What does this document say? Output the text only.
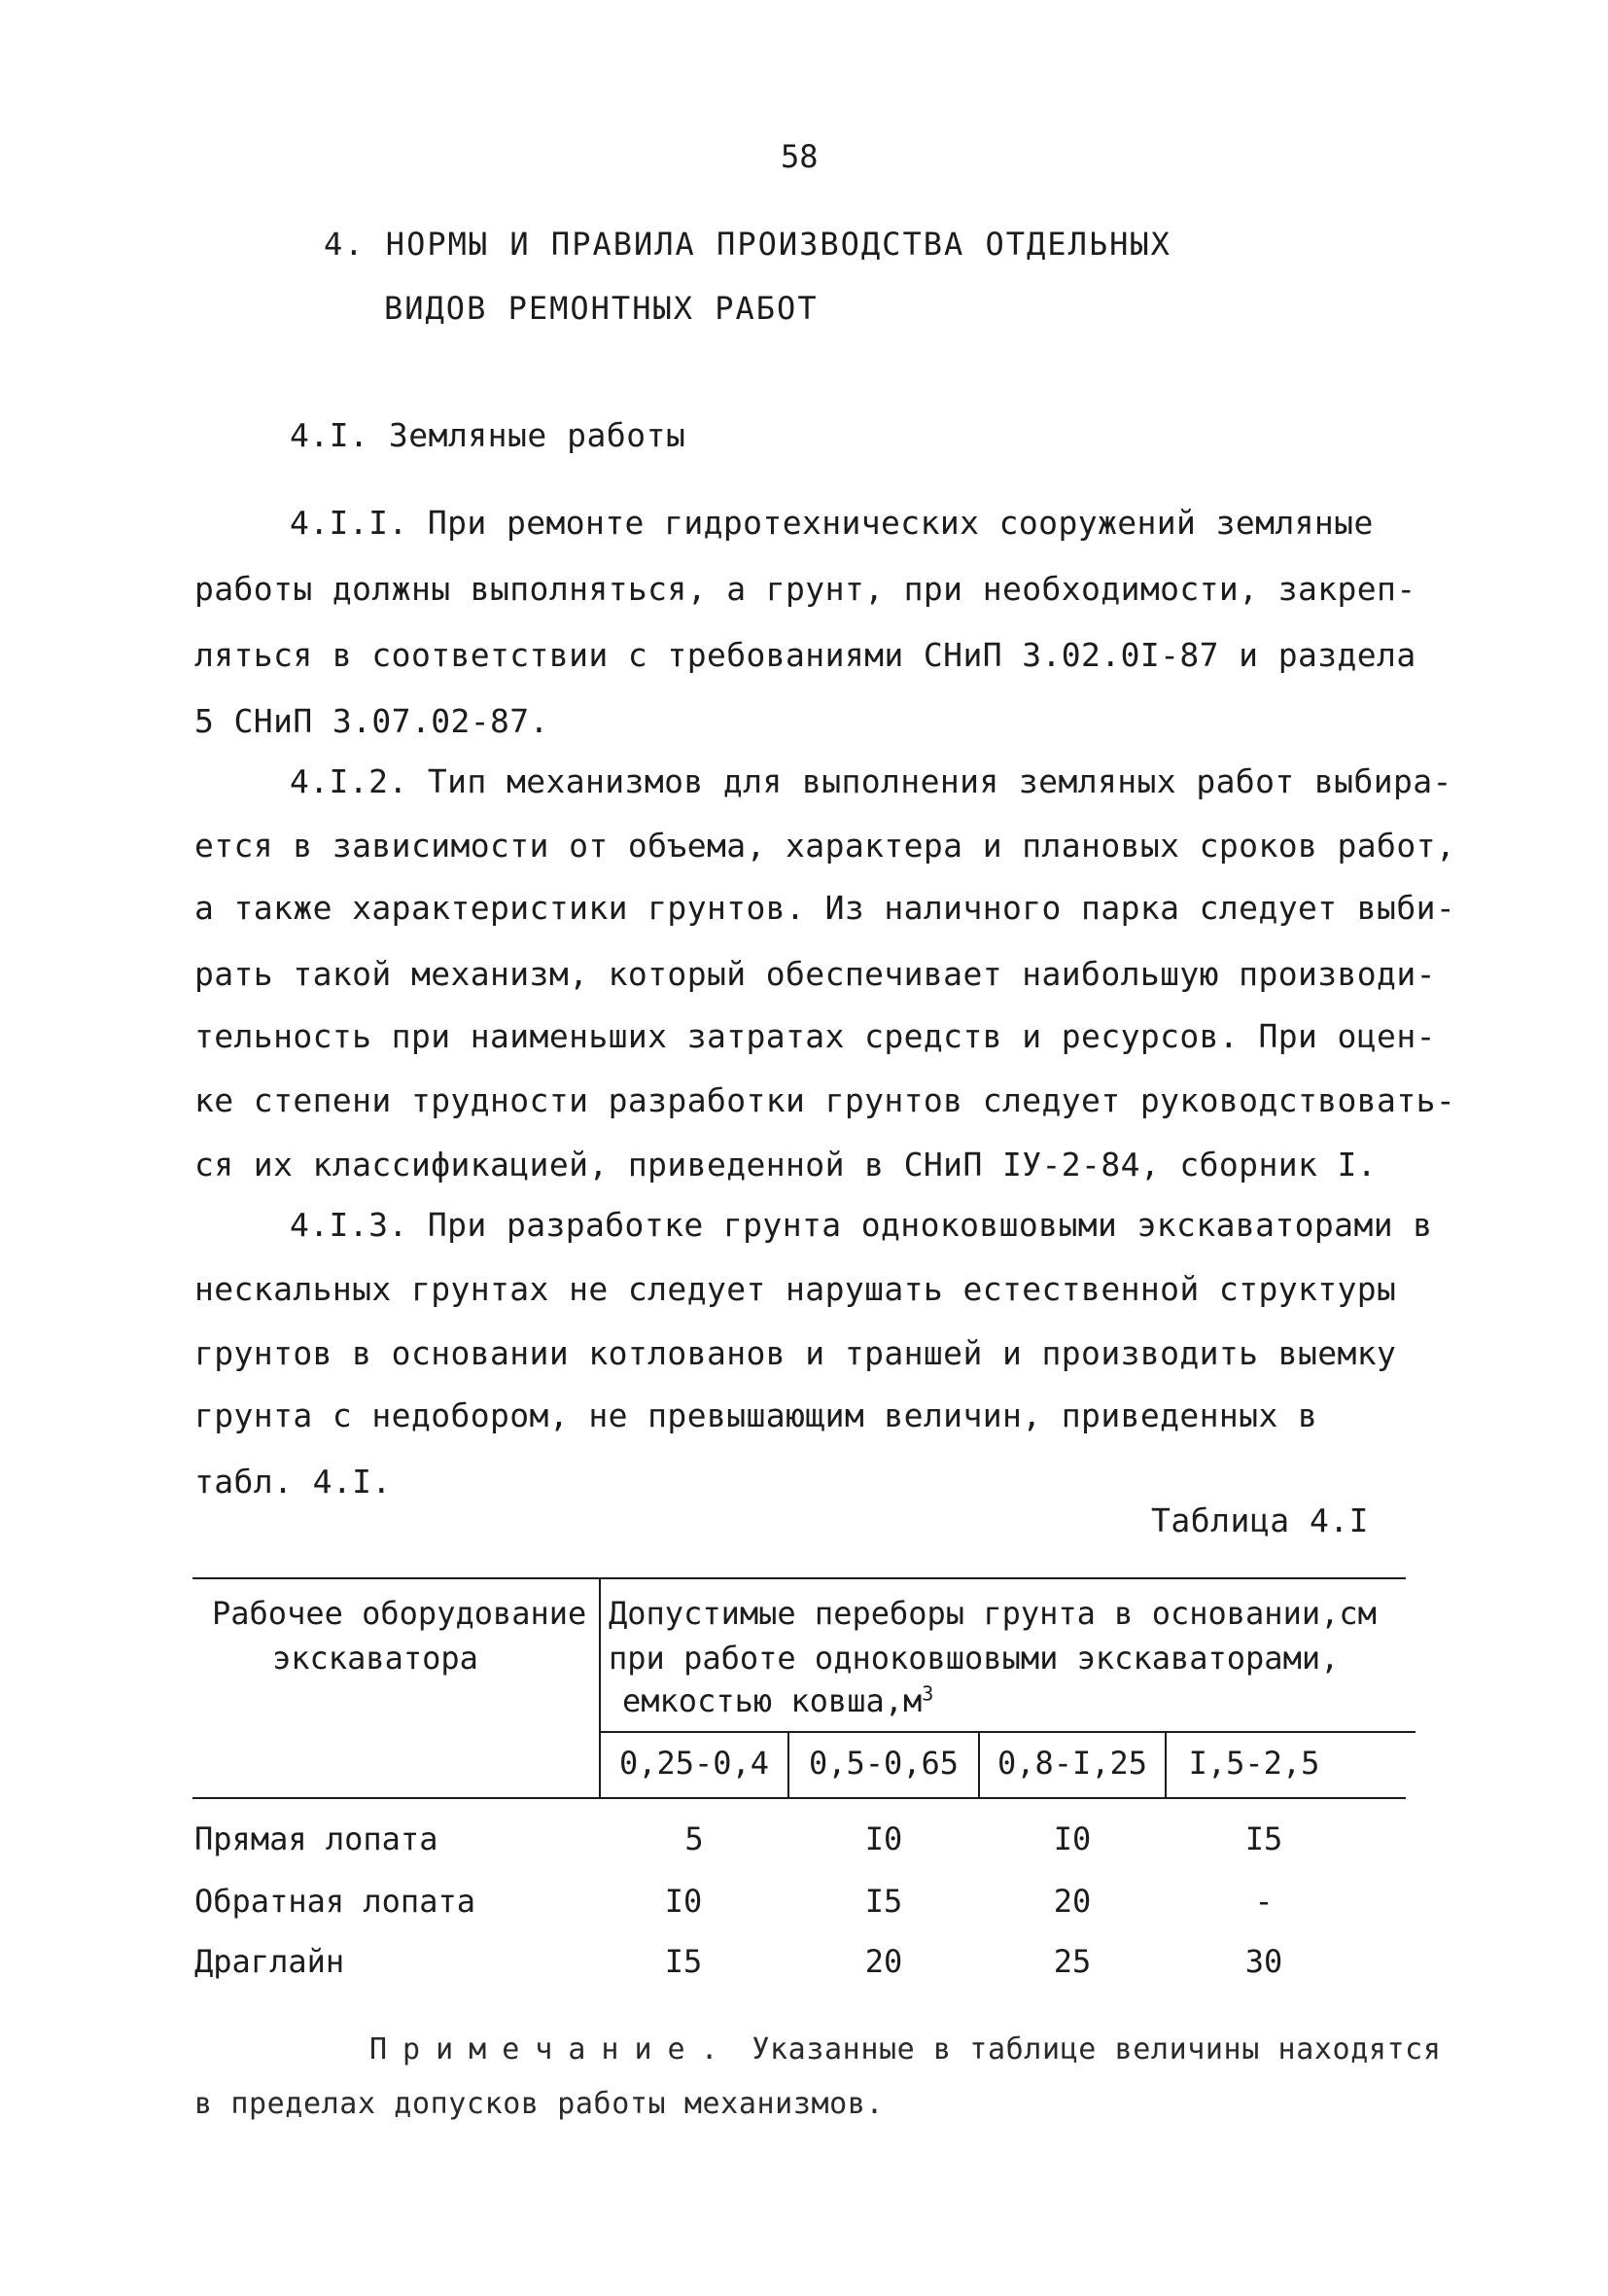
58
4. НОРМЫ И ПРАВИЛА ПРОИЗВОДСТВА ОТДЕЛЬНЫХ
ВИДОВ РЕМОНТНЫХ РАБОТ
4.I. Земляные работы
4.I.I. При ремонте гидротехнических сооружений земляные
работы должны выполняться, а грунт, при необходимости, закреп-
ляться в соответствии с требованиями СНиП 3.02.0I-87 и раздела
5 СНиП 3.07.02-87.
4.I.2. Тип механизмов для выполнения земляных работ выбира-
ется в зависимости от объема, характера и плановых сроков работ,
а также характеристики грунтов. Из наличного парка следует выби-
рать такой механизм, который обеспечивает наибольшую производи-
тельность при наименьших затратах средств и ресурсов. При оцен-
ке степени трудности разработки грунтов следует руководствовать-
ся их классификацией, приведенной в СНиП IУ-2-84, сборник I.
4.I.3. При разработке грунта одноковшовыми экскаваторами в
нескальных грунтах не следует нарушать естественной структуры
грунтов в основании котлованов и траншей и производить выемку
грунта с недобором, не превышающим величин, приведенных в
табл. 4.I.
Таблица 4.I
Рабочее оборудование
экскаватора
Допустимые переборы грунта в основании,см
при работе одноковшовыми экскаваторами,
емкостью $ковша,м^3$
0,25-0,4	0,5-0,65	0,8-I,25	I,5-2,5
Прямая лопата	5	I0	I0	I5
Обратная лопата	I0	I5	20	-
Драглайн	I5	20	25	30
Примечание. Указанные в таблице величины находятся
в пределах допусков работы механизмов.
